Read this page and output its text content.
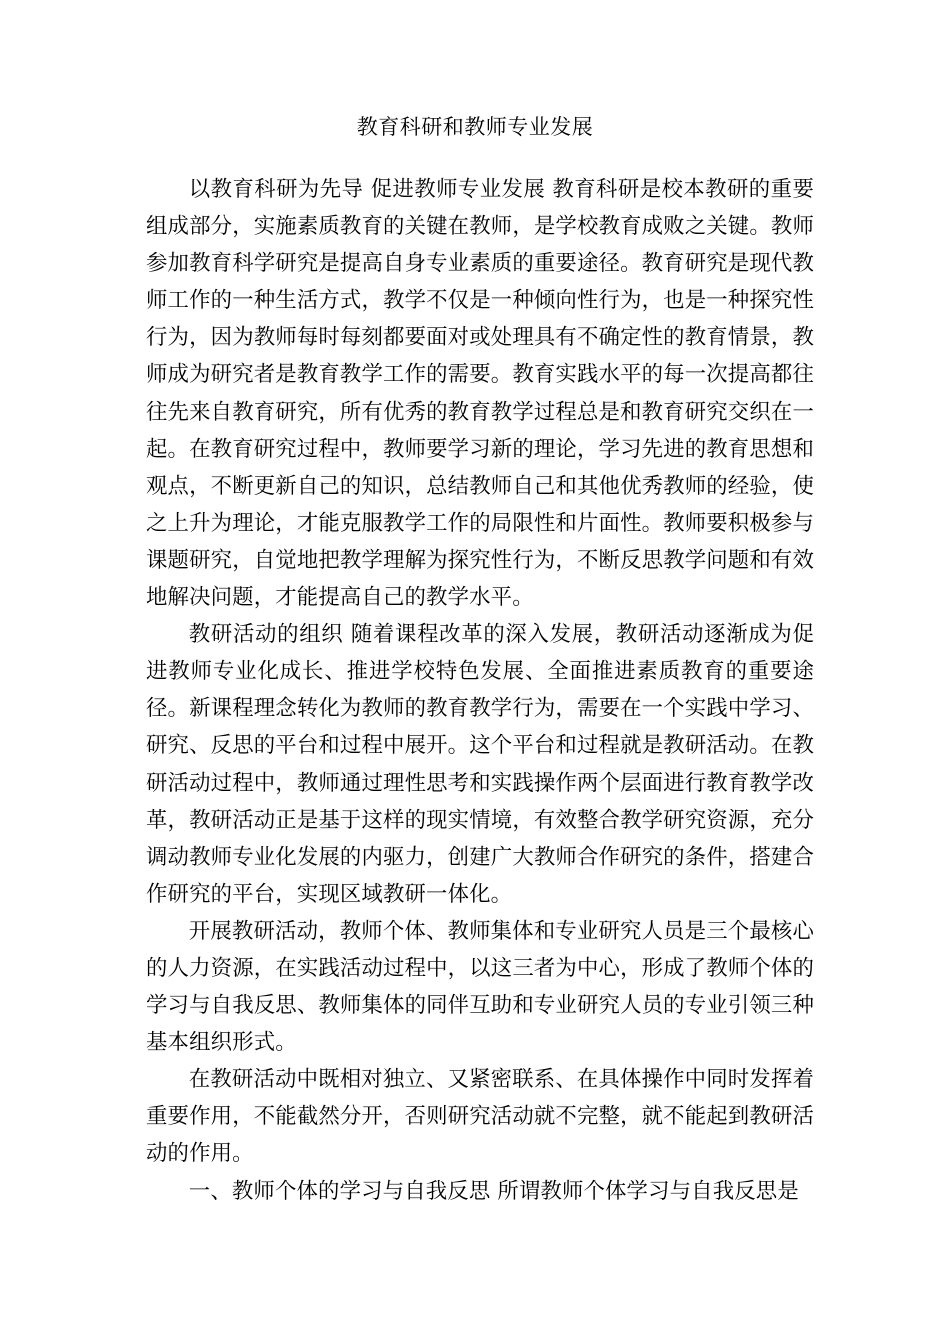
教育科研和教师专业发展

以教育科研为先导 促进教师专业发展 教育科研是校本教研的重要组成部分，实施素质教育的关键在教师，是学校教育成败之关键。教师参加教育科学研究是提高自身专业素质的重要途径。教育研究是现代教师工作的一种生活方式，教学不仅是一种倾向性行为，也是一种探究性行为，因为教师每时每刻都要面对或处理具有不确定性的教育情景，教师成为研究者是教育教学工作的需要。教育实践水平的每一次提高都往往先来自教育研究，所有优秀的教育教学过程总是和教育研究交织在一起。在教育研究过程中，教师要学习新的理论，学习先进的教育思想和观点，不断更新自己的知识，总结教师自己和其他优秀教师的经验，使之上升为理论，才能克服教学工作的局限性和片面性。教师要积极参与课题研究，自觉地把教学理解为探究性行为，不断反思教学问题和有效地解决问题，才能提高自己的教学水平。

教研活动的组织 随着课程改革的深入发展，教研活动逐渐成为促进教师专业化成长、推进学校特色发展、全面推进素质教育的重要途径。新课程理念转化为教师的教育教学行为，需要在一个实践中学习、研究、反思的平台和过程中展开。这个平台和过程就是教研活动。在教研活动过程中，教师通过理性思考和实践操作两个层面进行教育教学改革，教研活动正是基于这样的现实情境，有效整合教学研究资源，充分调动教师专业化发展的内驱力，创建广大教师合作研究的条件，搭建合作研究的平台，实现区域教研一体化。

开展教研活动，教师个体、教师集体和专业研究人员是三个最核心的人力资源，在实践活动过程中，以这三者为中心，形成了教师个体的学习与自我反思、教师集体的同伴互助和专业研究人员的专业引领三种基本组织形式。

在教研活动中既相对独立、又紧密联系、在具体操作中同时发挥着重要作用，不能截然分开，否则研究活动就不完整，就不能起到教研活动的作用。

一、教师个体的学习与自我反思 所谓教师个体学习与自我反思是
